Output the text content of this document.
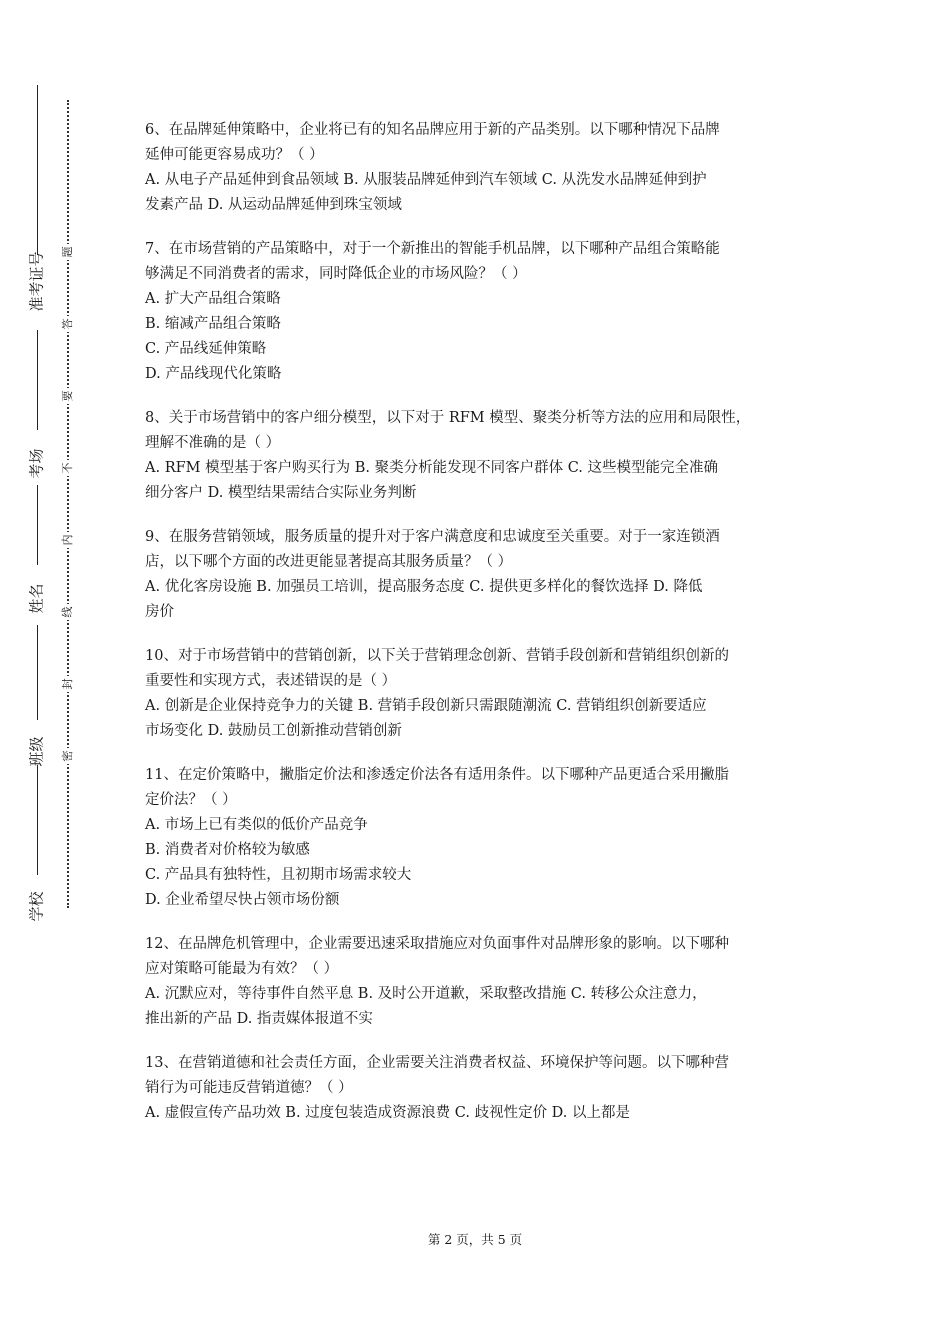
准考证号
考场
姓名
班级
学校
题
答
要
不
内
线
封
密
6、在品牌延伸策略中，企业将已有的知名品牌应用于新的产品类别。以下哪种情况下品牌
延伸可能更容易成功？（ ）
A. 从电子产品延伸到食品领域 B. 从服装品牌延伸到汽车领域 C. 从洗发水品牌延伸到护
发素产品 D. 从运动品牌延伸到珠宝领域
7、在市场营销的产品策略中，对于一个新推出的智能手机品牌，以下哪种产品组合策略能
够满足不同消费者的需求，同时降低企业的市场风险？（ ）
A. 扩大产品组合策略
B. 缩减产品组合策略
C. 产品线延伸策略
D. 产品线现代化策略
8、关于市场营销中的客户细分模型，以下对于 RFM 模型、聚类分析等方法的应用和局限性，
理解不准确的是（ ）
A. RFM 模型基于客户购买行为 B. 聚类分析能发现不同客户群体 C. 这些模型能完全准确
细分客户 D. 模型结果需结合实际业务判断
9、在服务营销领域，服务质量的提升对于客户满意度和忠诚度至关重要。对于一家连锁酒
店，以下哪个方面的改进更能显著提高其服务质量？（ ）
A. 优化客房设施 B. 加强员工培训，提高服务态度 C. 提供更多样化的餐饮选择 D. 降低
房价
10、对于市场营销中的营销创新，以下关于营销理念创新、营销手段创新和营销组织创新的
重要性和实现方式，表述错误的是（ ）
A. 创新是企业保持竞争力的关键 B. 营销手段创新只需跟随潮流 C. 营销组织创新要适应
市场变化 D. 鼓励员工创新推动营销创新
11、在定价策略中，撇脂定价法和渗透定价法各有适用条件。以下哪种产品更适合采用撇脂
定价法？（ ）
A. 市场上已有类似的低价产品竞争
B. 消费者对价格较为敏感
C. 产品具有独特性，且初期市场需求较大
D. 企业希望尽快占领市场份额
12、在品牌危机管理中，企业需要迅速采取措施应对负面事件对品牌形象的影响。以下哪种
应对策略可能最为有效？（ ）
A. 沉默应对，等待事件自然平息 B. 及时公开道歉，采取整改措施 C. 转移公众注意力，
推出新的产品 D. 指责媒体报道不实
13、在营销道德和社会责任方面，企业需要关注消费者权益、环境保护等问题。以下哪种营
销行为可能违反营销道德？（ ）
A. 虚假宣传产品功效 B. 过度包装造成资源浪费 C. 歧视性定价 D. 以上都是
第 2 页，共 5 页
